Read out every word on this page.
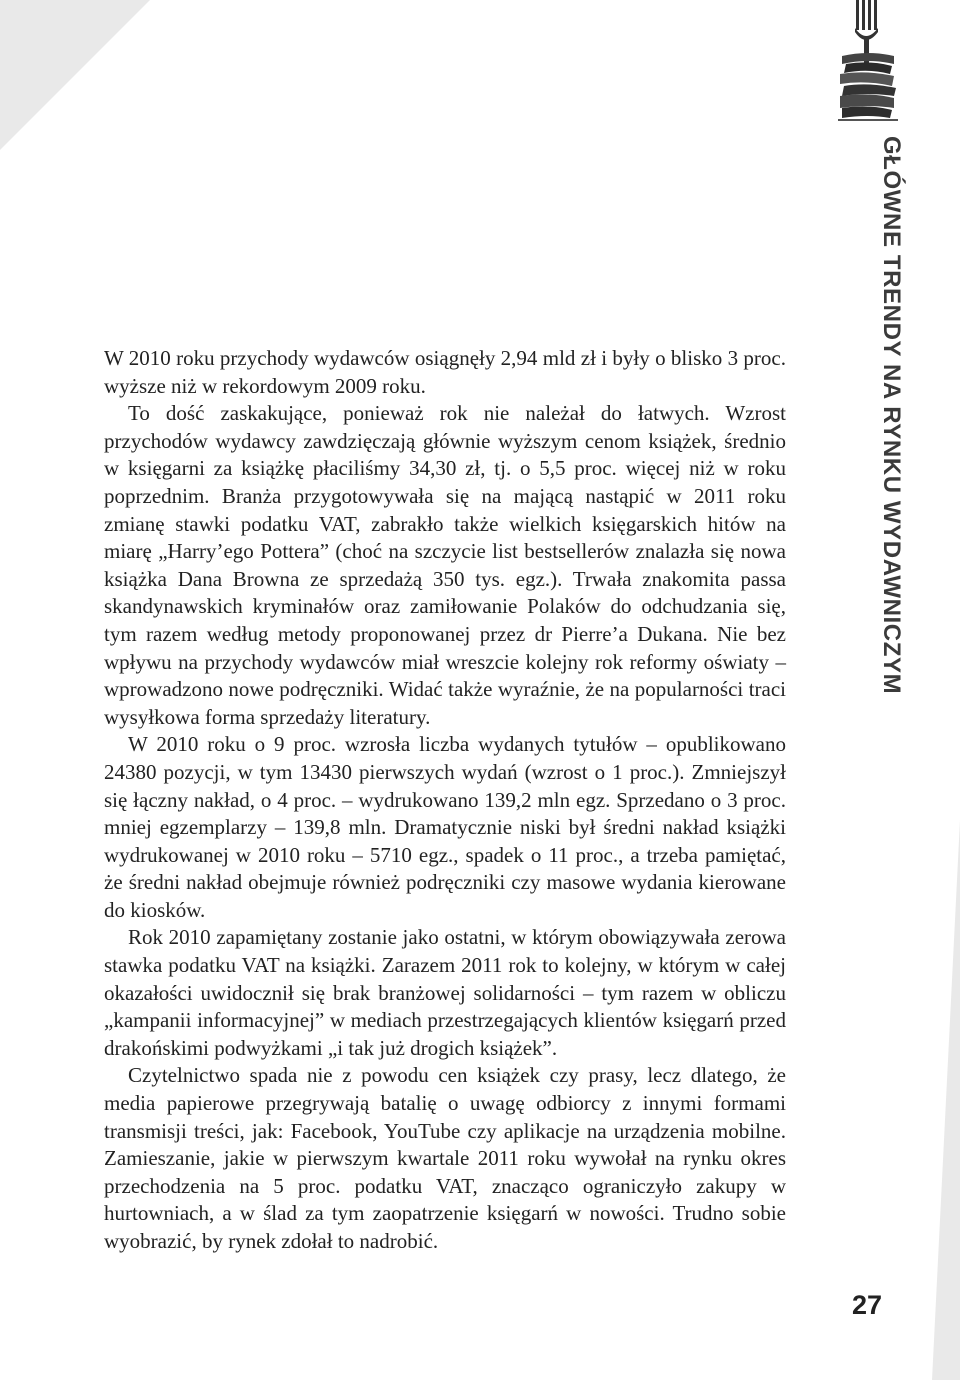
GŁÓWNE TRENDY NA RYNKU WYDAWNICZYM

W 2010 roku przychody wydawców osiągnęły 2,94 mld zł i były o blisko 3 proc. wyższe niż w rekordowym 2009 roku.

To dość zaskakujące, ponieważ rok nie należał do łatwych. Wzrost przychodów wydawcy zawdzięczają głównie wyższym cenom książek, średnio w księgarni za książkę płaciliśmy 34,30 zł, tj. o 5,5 proc. więcej niż w roku poprzednim. Branża przygotowywała się na mającą nastąpić w 2011 roku zmianę stawki podatku VAT, zabrakło także wielkich księgarskich hitów na miarę „Harry’ego Pottera” (choć na szczycie list bestsellerów znalazła się nowa książka Dana Browna ze sprzedażą 350 tys. egz.). Trwała znakomita passa skandynawskich kryminałów oraz zamiłowanie Polaków do odchudzania się, tym razem według metody proponowanej przez dr Pierre’a Dukana. Nie bez wpływu na przychody wydawców miał wreszcie kolejny rok reformy oświaty – wprowadzono nowe podręczniki. Widać także wyraźnie, że na popularności traci wysyłkowa forma sprzedaży literatury.

W 2010 roku o 9 proc. wzrosła liczba wydanych tytułów – opublikowano 24380 pozycji, w tym 13430 pierwszych wydań (wzrost o 1 proc.). Zmniejszył się łączny nakład, o 4 proc. – wydrukowano 139,2 mln egz. Sprzedano o 3 proc. mniej egzemplarzy – 139,8 mln. Dramatycznie niski był średni nakład książki wydrukowanej w 2010 roku – 5710 egz., spadek o 11 proc., a trzeba pamiętać, że średni nakład obejmuje również podręczniki czy masowe wydania kierowane do kiosków.

Rok 2010 zapamiętany zostanie jako ostatni, w którym obowiązywała zerowa stawka podatku VAT na książki. Zarazem 2011 rok to kolejny, w którym w całej okazałości uwidocznił się brak branżowej solidarności – tym razem w obliczu „kampanii informacyjnej” w mediach przestrzegających klientów księgarń przed drakońskimi podwyżkami „i tak już drogich książek”.

Czytelnictwo spada nie z powodu cen książek czy prasy, lecz dlatego, że media papierowe przegrywają batalię o uwagę odbiorcy z innymi formami transmisji treści, jak: Facebook, YouTube czy aplikacje na urządzenia mobilne. Zamieszanie, jakie w pierwszym kwartale 2011 roku wywołał na rynku okres przechodzenia na 5 proc. podatku VAT, znacząco ograniczyło zakupy w hurtowniach, a w ślad za tym zaopatrzenie księgarń w nowości. Trudno sobie wyobrazić, by rynek zdołał to nadrobić.

27
